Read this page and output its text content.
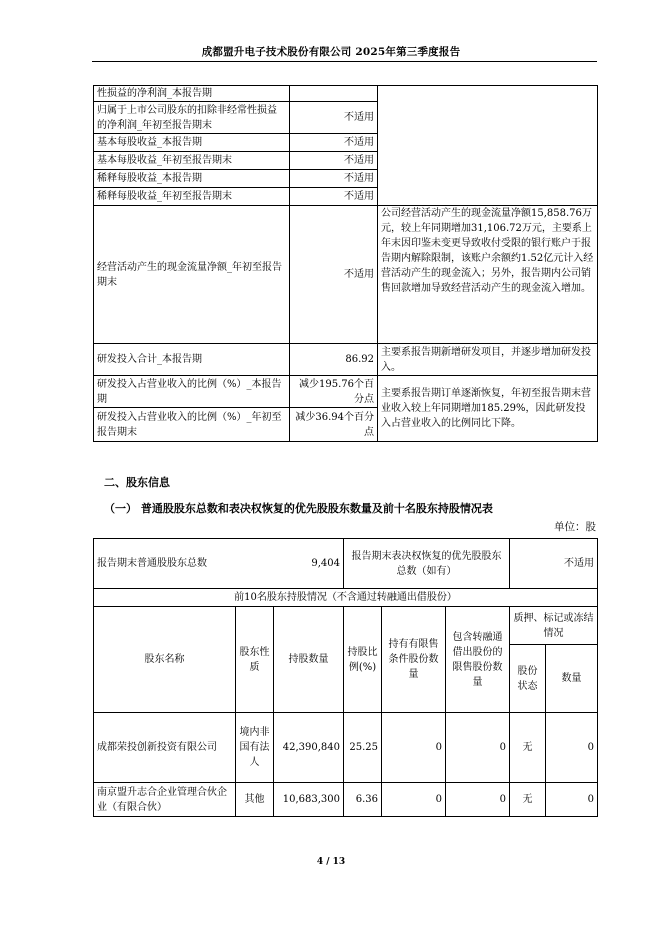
成都盟升电子技术股份有限公司 2025年第三季度报告
性损益的净利润_本报告期		
归属于上市公司股东的扣除非经常性损益的净利润_年初至报告期末	不适用	
基本每股收益_本报告期	不适用	
基本每股收益_年初至报告期末	不适用	
稀释每股收益_本报告期	不适用	
稀释每股收益_年初至报告期末	不适用	
经营活动产生的现金流量净额_年初至报告期末	不适用	公司经营活动产生的现金流量净额15,858.76万元，较上年同期增加31,106.72万元，主要系上年末因印鉴未变更导致收付受限的银行账户于报告期内解除限制，该账户余额约1.52亿元计入经营活动产生的现金流入；另外，报告期内公司销售回款增加导致经营活动产生的现金流入增加。
研发投入合计_本报告期	86.92	主要系报告期新增研发项目，并逐步增加研发投入。
研发投入占营业收入的比例（%）_本报告期	减少195.76个百分点	主要系报告期订单逐渐恢复，年初至报告期末营业收入较上年同期增加185.29%，因此研发投入占营业收入的比例同比下降。
研发投入占营业收入的比例（%）_年初至报告期末	减少36.94个百分点	
二、股东信息
（一） 普通股股东总数和表决权恢复的优先股股东数量及前十名股东持股情况表
单位：股
报告期末普通股股东总数 9,404			报告期末表决权恢复的优先股股东总数（如有）			不适用	
前10名股东持股情况（不含通过转融通出借股份）							
股东名称	股东性质	持股数量	持股比例(%)	持有有限售条件股份数量	包含转融通借出股份的限售股份数量	质押、标记或冻结情况	
						股份状态	数量
成都荣投创新投资有限公司	境内非国有法人	42,390,840	25.25	0	0	无	0
南京盟升志合企业管理合伙企业（有限合伙）	其他	10,683,300	6.36	0	0	无	0
4 / 13
